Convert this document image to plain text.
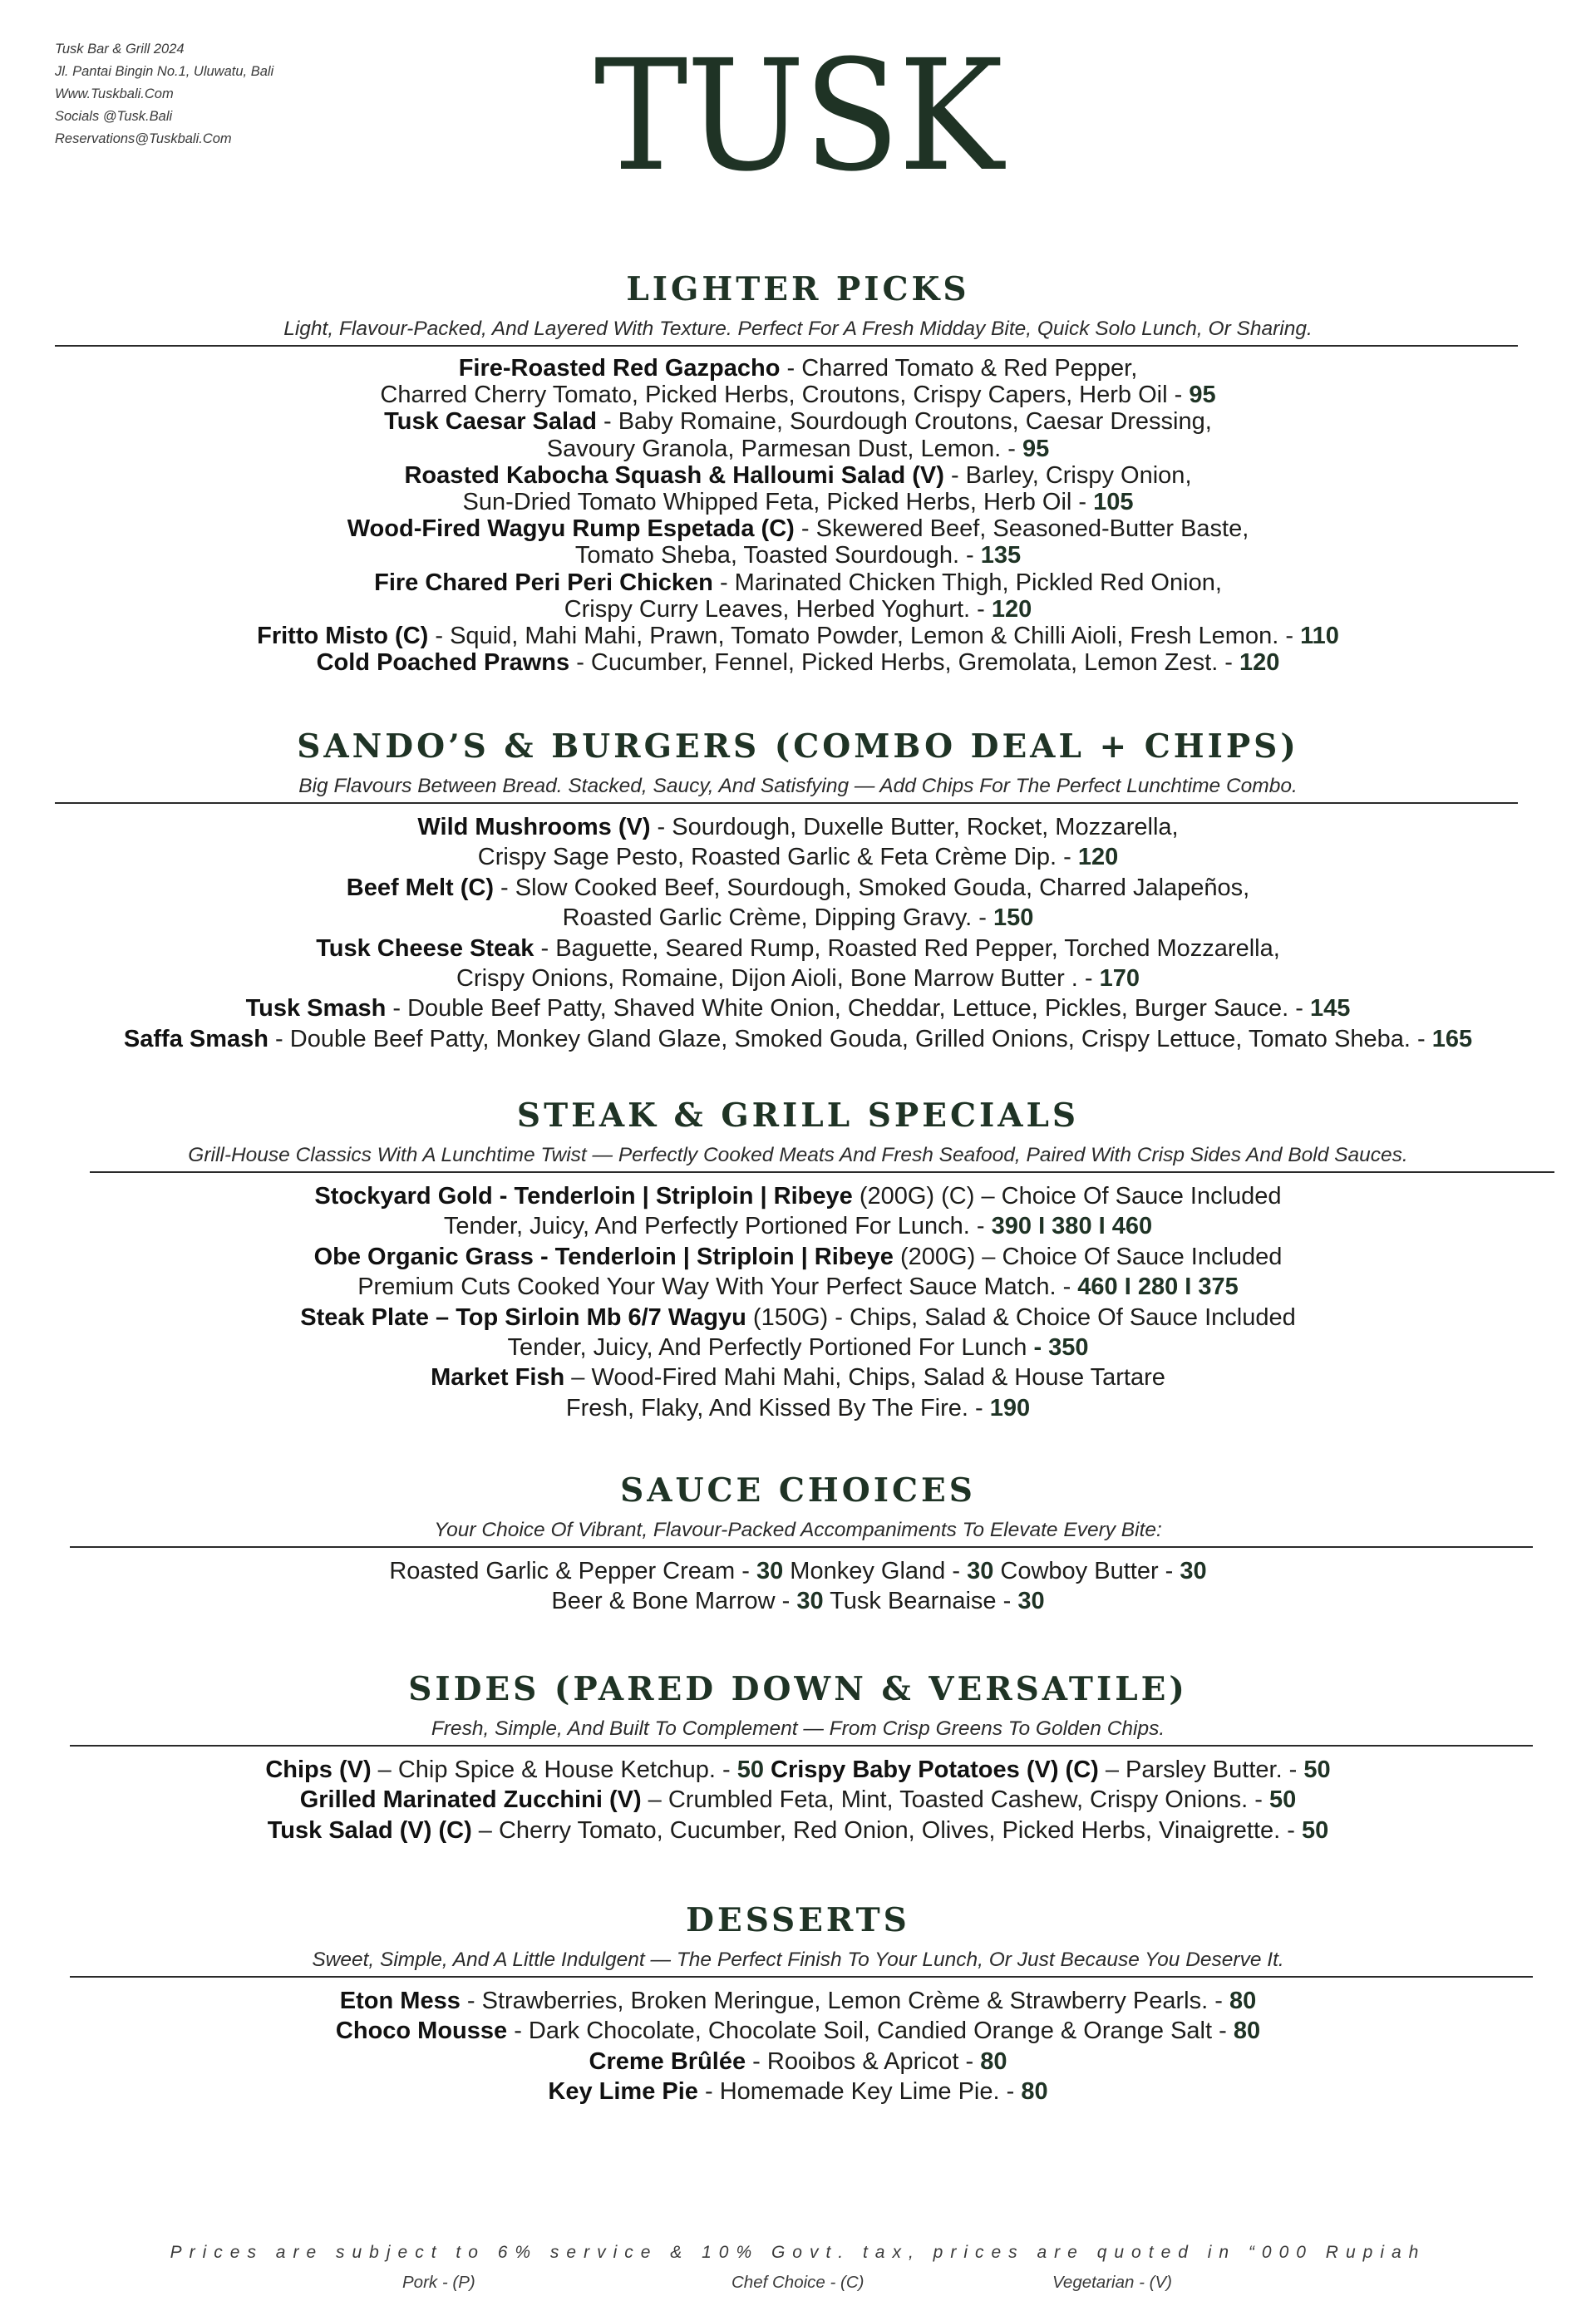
Tusk Bar & Grill 2024
Jl. Pantai Bingin No.1, Uluwatu, Bali
Www.Tuskbali.Com
Socials @Tusk.Bali
Reservations@Tuskbali.Com	TUSK
LIGHTER PICKS
Light, Flavour-Packed, And Layered With Texture. Perfect For A Fresh Midday Bite, Quick Solo Lunch, Or Sharing.
Fire-Roasted Red Gazpacho - Charred Tomato & Red Pepper,
Charred Cherry Tomato, Picked Herbs, Croutons, Crispy Capers, Herb Oil - 95
Tusk Caesar Salad - Baby Romaine, Sourdough Croutons, Caesar Dressing,
Savoury Granola, Parmesan Dust, Lemon. - 95
Roasted Kabocha Squash & Halloumi Salad (V) - Barley, Crispy Onion,
Sun-Dried Tomato Whipped Feta, Picked Herbs, Herb Oil - 105
Wood-Fired Wagyu Rump Espetada (C) - Skewered Beef, Seasoned-Butter Baste,
Tomato Sheba, Toasted Sourdough. - 135
Fire Chared Peri Peri Chicken - Marinated Chicken Thigh, Pickled Red Onion,
Crispy Curry Leaves, Herbed Yoghurt. - 120
Fritto Misto (C) - Squid, Mahi Mahi, Prawn, Tomato Powder, Lemon & Chilli Aioli, Fresh Lemon. - 110
Cold Poached Prawns - Cucumber, Fennel, Picked Herbs, Gremolata, Lemon Zest. - 120
SANDO’S & BURGERS (COMBO DEAL + CHIPS)
Big Flavours Between Bread. Stacked, Saucy, And Satisfying — Add Chips For The Perfect Lunchtime Combo.
Wild Mushrooms (V) - Sourdough, Duxelle Butter, Rocket, Mozzarella,
Crispy Sage Pesto, Roasted Garlic & Feta Crème Dip. - 120
Beef Melt (C) - Slow Cooked Beef, Sourdough, Smoked Gouda, Charred Jalapeños,
Roasted Garlic Crème, Dipping Gravy. - 150
Tusk Cheese Steak - Baguette, Seared Rump, Roasted Red Pepper, Torched Mozzarella,
Crispy Onions, Romaine, Dijon Aioli, Bone Marrow Butter . - 170
Tusk Smash - Double Beef Patty, Shaved White Onion, Cheddar, Lettuce, Pickles, Burger Sauce. - 145
Saffa Smash - Double Beef Patty, Monkey Gland Glaze, Smoked Gouda, Grilled Onions, Crispy Lettuce, Tomato Sheba. - 165
STEAK & GRILL SPECIALS
Grill-House Classics With A Lunchtime Twist — Perfectly Cooked Meats And Fresh Seafood, Paired With Crisp Sides And Bold Sauces.
Stockyard Gold - Tenderloin | Striploin | Ribeye (200G) (C) – Choice Of Sauce Included
Tender, Juicy, And Perfectly Portioned For Lunch. - 390 I 380 I 460
Obe Organic Grass - Tenderloin | Striploin | Ribeye (200G) – Choice Of Sauce Included
Premium Cuts Cooked Your Way With Your Perfect Sauce Match. - 460 I 280 I 375
Steak Plate – Top Sirloin Mb 6/7 Wagyu (150G) - Chips, Salad & Choice Of Sauce Included
Tender, Juicy, And Perfectly Portioned For Lunch - 350
Market Fish – Wood-Fired Mahi Mahi, Chips, Salad & House Tartare
Fresh, Flaky, And Kissed By The Fire. - 190
SAUCE CHOICES
Your Choice Of Vibrant, Flavour-Packed Accompaniments To Elevate Every Bite:
Roasted Garlic & Pepper Cream - 30 Monkey Gland - 30 Cowboy Butter - 30
Beer & Bone Marrow - 30 Tusk Bearnaise - 30
SIDES (PARED DOWN & VERSATILE)
Fresh, Simple, And Built To Complement — From Crisp Greens To Golden Chips.
Chips (V) – Chip Spice & House Ketchup. - 50 Crispy Baby Potatoes (V) (C) – Parsley Butter. - 50
Grilled Marinated Zucchini (V) – Crumbled Feta, Mint, Toasted Cashew, Crispy Onions. - 50
Tusk Salad (V) (C) – Cherry Tomato, Cucumber, Red Onion, Olives, Picked Herbs, Vinaigrette. - 50
DESSERTS
Sweet, Simple, And A Little Indulgent — The Perfect Finish To Your Lunch, Or Just Because You Deserve It.
Eton Mess - Strawberries, Broken Meringue, Lemon Crème & Strawberry Pearls. - 80
Choco Mousse - Dark Chocolate, Chocolate Soil, Candied Orange & Orange Salt - 80
Creme Brûlée - Rooibos & Apricot - 80
Key Lime Pie - Homemade Key Lime Pie. - 80
Prices are subject to 6% service & 10% Govt. tax, prices are quoted in “000 Rupiah
Pork - (P)	Chef Choice - (C)	Vegetarian - (V)
